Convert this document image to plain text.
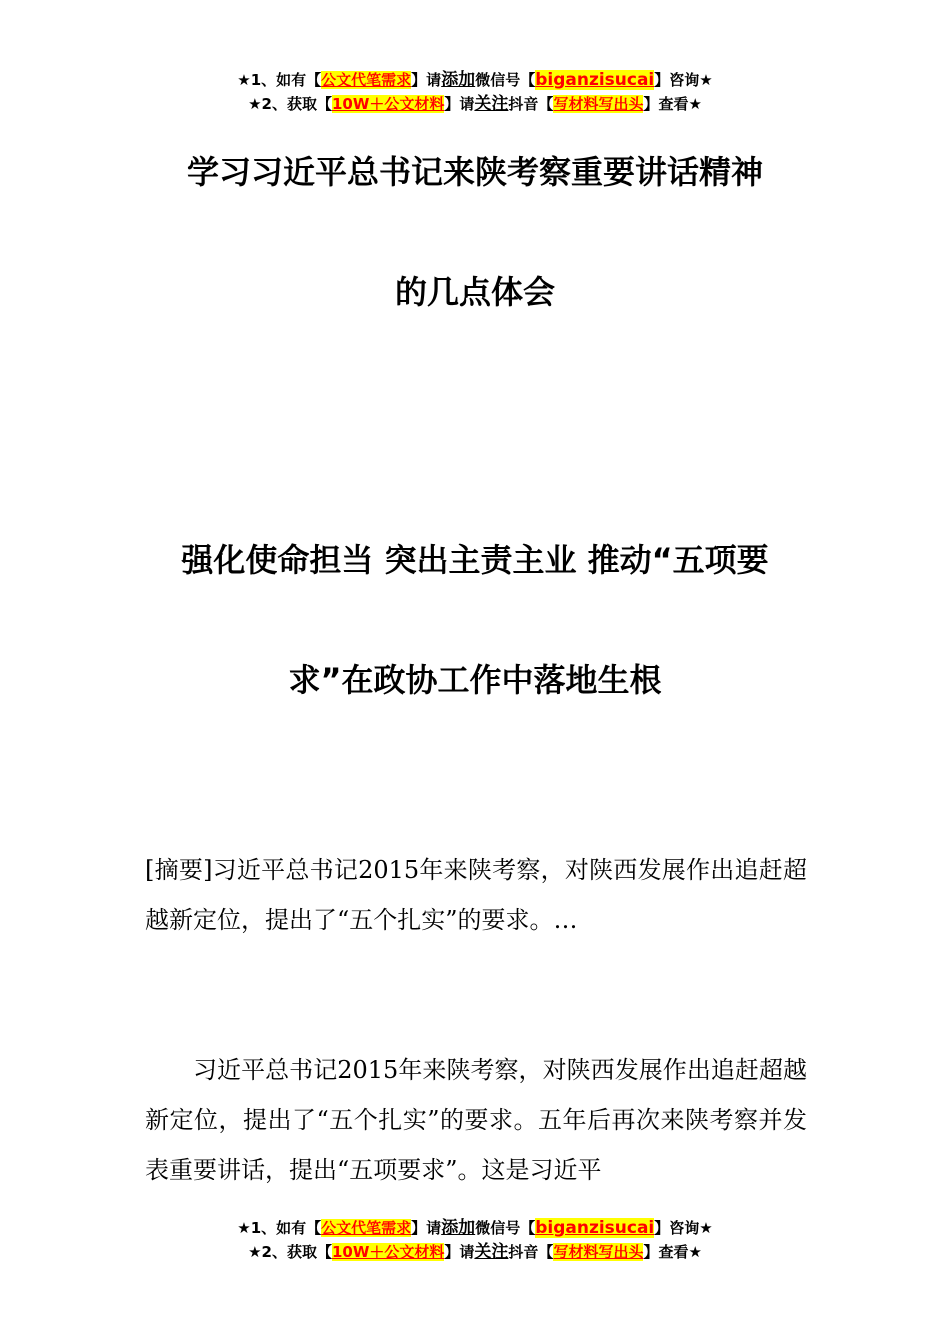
★1、如有【公文代笔需求】请添加微信号【biganzisucai】咨询★
★2、获取【10W＋公文材料】请关注抖音【写材料写出头】查看★
学习习近平总书记来陕考察重要讲话精神
的几点体会
强化使命担当 突出主责主业 推动“五项要
求”在政协工作中落地生根
[摘要]习近平总书记2015年来陕考察，对陕西发展作出追赶超越新定位，提出了“五个扎实”的要求。…
习近平总书记2015年来陕考察，对陕西发展作出追赶超越新定位，提出了“五个扎实”的要求。五年后再次来陕考察并发表重要讲话，提出“五项要求”。这是习近平
★1、如有【公文代笔需求】请添加微信号【biganzisucai】咨询★
★2、获取【10W＋公文材料】请关注抖音【写材料写出头】查看★
